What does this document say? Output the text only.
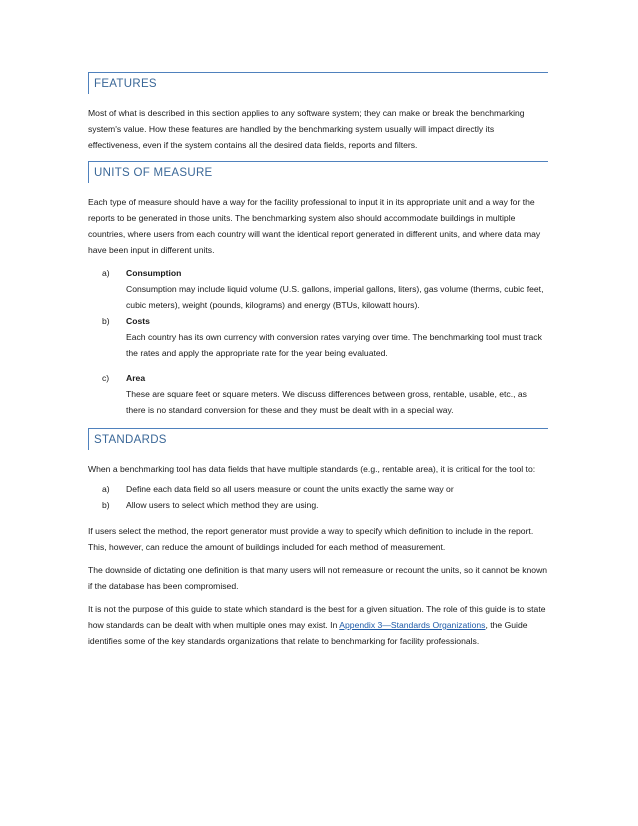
FEATURES

Most of what is described in this section applies to any software system; they can make or break the benchmarking system's value. How these features are handled by the benchmarking system usually will impact directly its effectiveness, even if the system contains all the desired data fields, reports and filters.

UNITS OF MEASURE

Each type of measure should have a way for the facility professional to input it in its appropriate unit and a way for the reports to be generated in those units. The benchmarking system also should accommodate buildings in multiple countries, where users from each country will want the identical report generated in different units, and where data may have been input in different units.

a) Consumption
Consumption may include liquid volume (U.S. gallons, imperial gallons, liters), gas volume (therms, cubic feet, cubic meters), weight (pounds, kilograms) and energy (BTUs, kilowatt hours).
b) Costs
Each country has its own currency with conversion rates varying over time. The benchmarking tool must track the rates and apply the appropriate rate for the year being evaluated.
c) Area
These are square feet or square meters. We discuss differences between gross, rentable, usable, etc., as there is no standard conversion for these and they must be dealt with in a special way.
STANDARDS

When a benchmarking tool has data fields that have multiple standards (e.g., rentable area), it is critical for the tool to:

a) Define each data field so all users measure or count the units exactly the same way or
b) Allow users to select which method they are using.

If users select the method, the report generator must provide a way to specify which definition to include in the report. This, however, can reduce the amount of buildings included for each method of measurement.

The downside of dictating one definition is that many users will not remeasure or recount the units, so it cannot be known if the database has been compromised.

It is not the purpose of this guide to state which standard is the best for a given situation. The role of this guide is to state how standards can be dealt with when multiple ones may exist. In Appendix 3—Standards Organizations, the Guide identifies some of the key standards organizations that relate to benchmarking for facility professionals.
